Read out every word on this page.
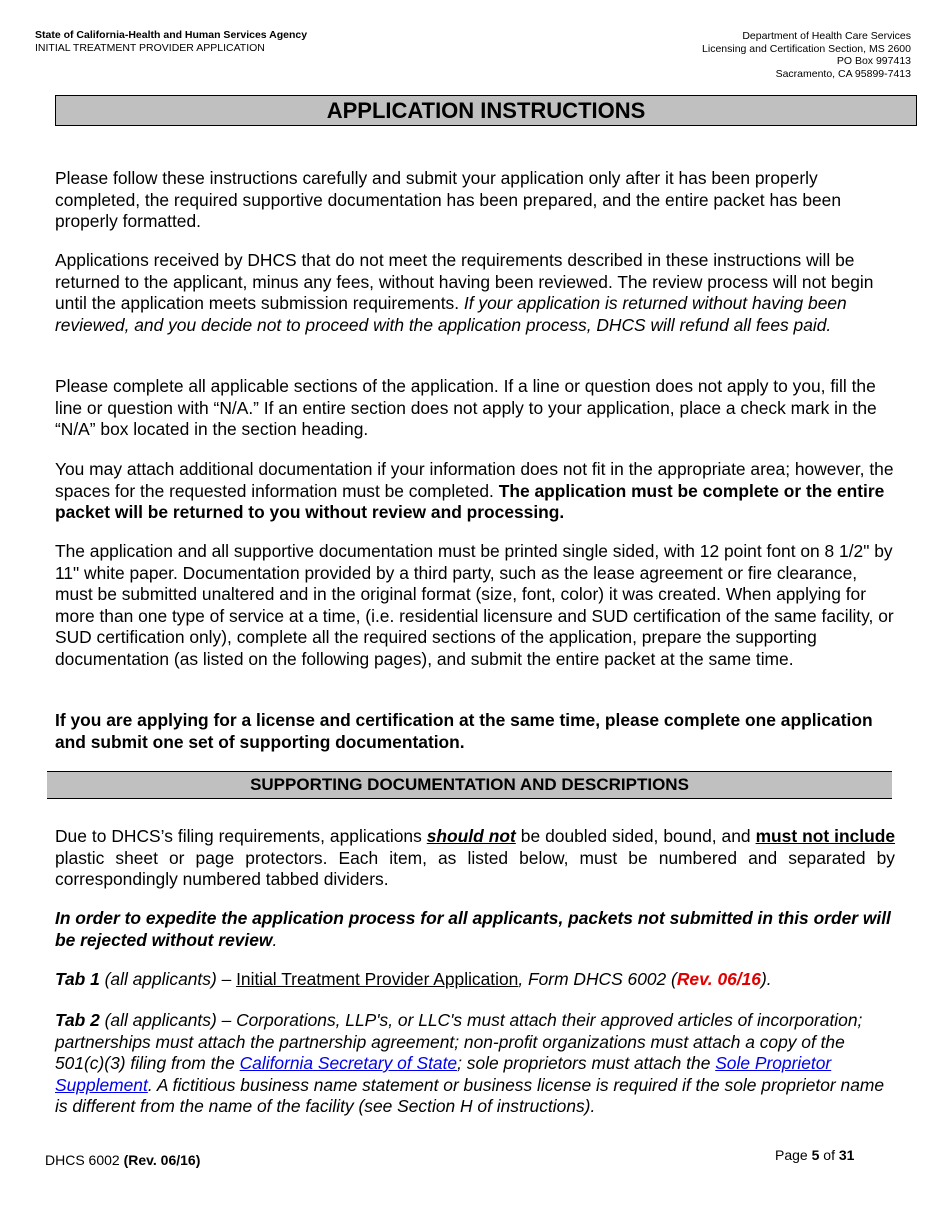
State of California-Health and Human Services Agency
INITIAL TREATMENT PROVIDER APPLICATION
Department of Health Care Services
Licensing and Certification Section, MS 2600
PO Box 997413
Sacramento, CA 95899-7413
APPLICATION INSTRUCTIONS

Please follow these instructions carefully and submit your application only after it has been properly completed, the required supportive documentation has been prepared, and the entire packet has been properly formatted.

Applications received by DHCS that do not meet the requirements described in these instructions will be returned to the applicant, minus any fees, without having been reviewed. The review process will not begin until the application meets submission requirements. If your application is returned without having been reviewed, and you decide not to proceed with the application process, DHCS will refund all fees paid.

Please complete all applicable sections of the application. If a line or question does not apply to you, fill the line or question with “N/A.” If an entire section does not apply to your application, place a check mark in the “N/A” box located in the section heading.

You may attach additional documentation if your information does not fit in the appropriate area; however, the spaces for the requested information must be completed. The application must be complete or the entire packet will be returned to you without review and processing.

The application and all supportive documentation must be printed single sided, with 12 point font on 8 1/2" by 11" white paper. Documentation provided by a third party, such as the lease agreement or fire clearance, must be submitted unaltered and in the original format (size, font, color) it was created. When applying for more than one type of service at a time, (i.e. residential licensure and SUD certification of the same facility, or SUD certification only), complete all the required sections of the application, prepare the supporting documentation (as listed on the following pages), and submit the entire packet at the same time.

If you are applying for a license and certification at the same time, please complete one application and submit one set of supporting documentation.

SUPPORTING DOCUMENTATION AND DESCRIPTIONS

Due to DHCS’s filing requirements, applications should not be doubled sided, bound, and must not include plastic sheet or page protectors. Each item, as listed below, must be numbered and separated by correspondingly numbered tabbed dividers.

In order to expedite the application process for all applicants, packets not submitted in this order will be rejected without review.

Tab 1 (all applicants) – Initial Treatment Provider Application, Form DHCS 6002 (Rev. 06/16).

Tab 2 (all applicants) – Corporations, LLP's, or LLC's must attach their approved articles of incorporation; partnerships must attach the partnership agreement; non-profit organizations must attach a copy of the 501(c)(3) filing from the California Secretary of State; sole proprietors must attach the Sole Proprietor Supplement. A fictitious business name statement or business license is required if the sole proprietor name is different from the name of the facility (see Section H of instructions).

DHCS 6002 (Rev. 06/16)	Page 5 of 31
